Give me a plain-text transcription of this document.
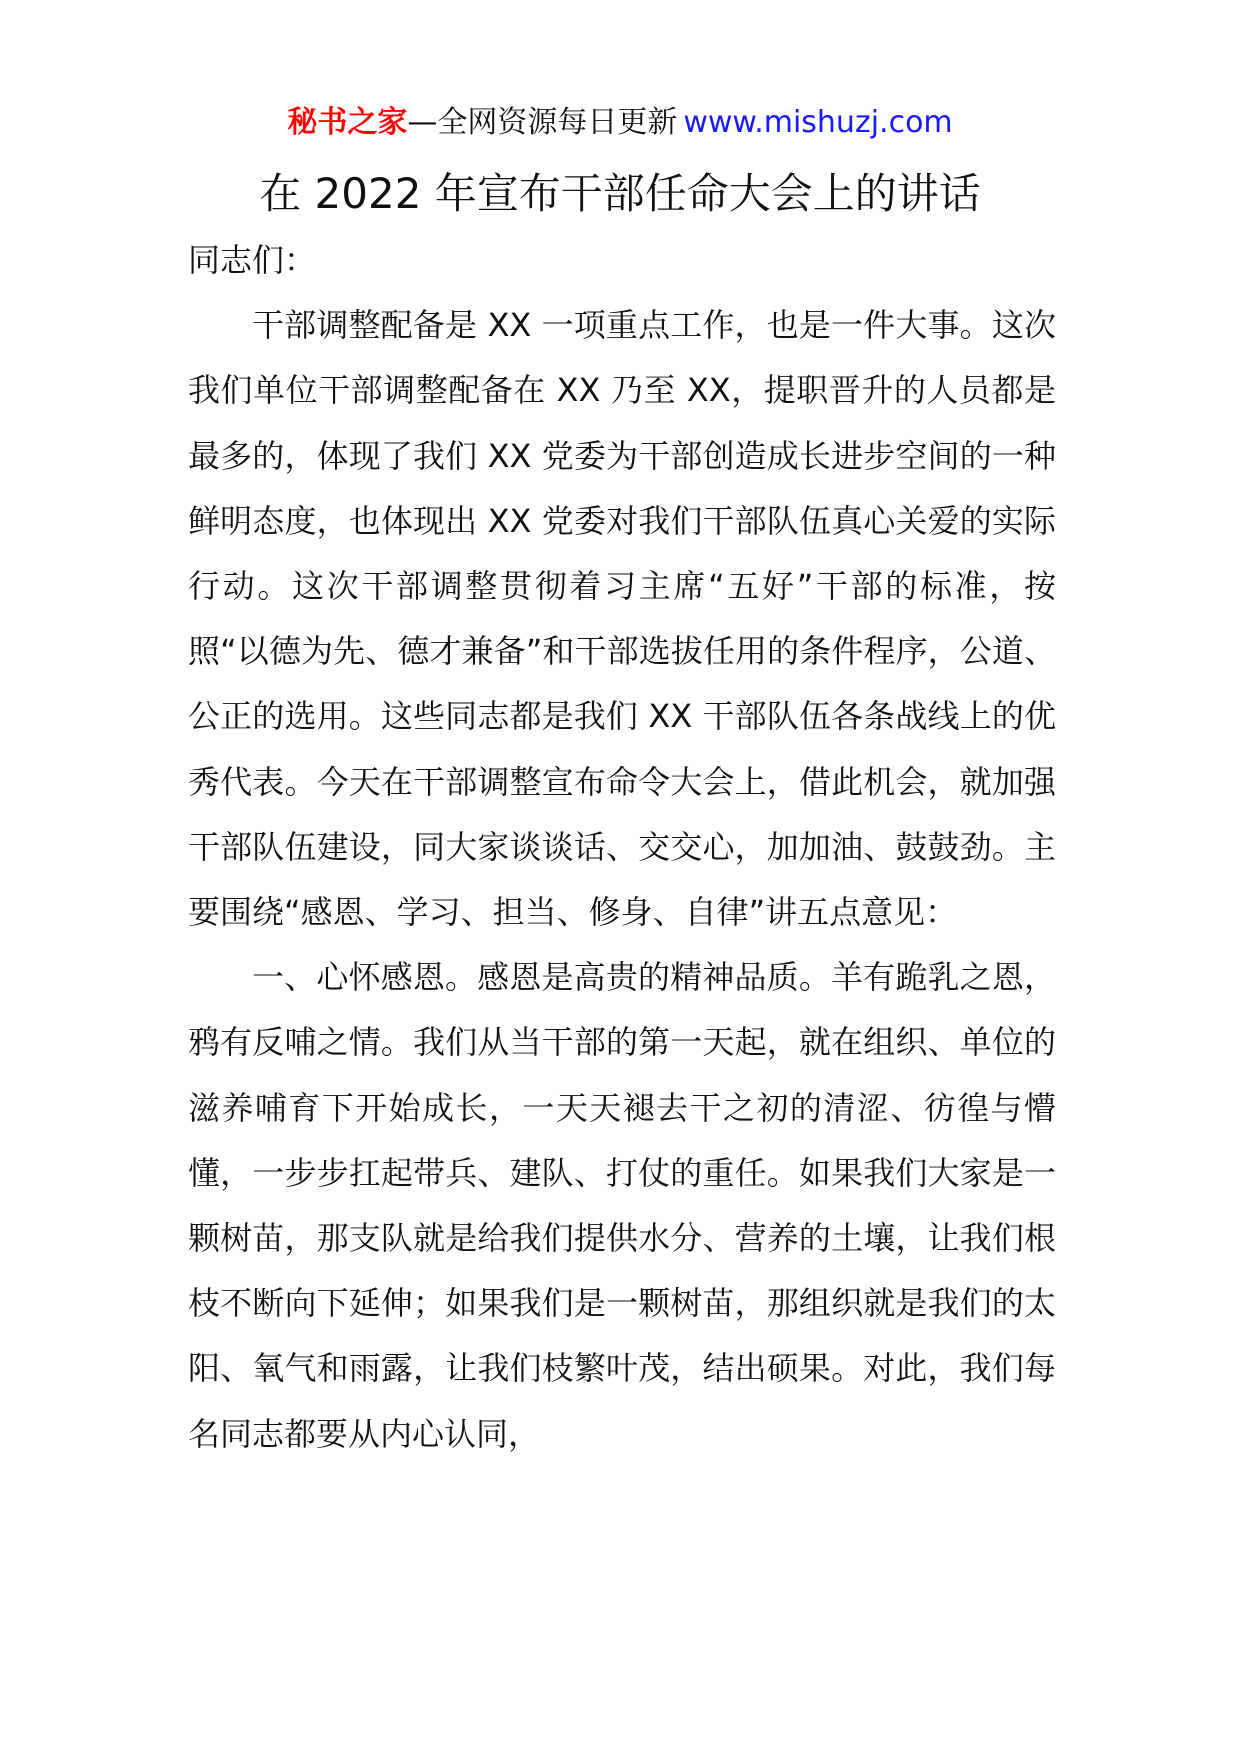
秘书之家—全网资源每日更新 www.mishuzj.com
在 2022 年宣布干部任命大会上的讲话

同志们：

干部调整配备是 XX 一项重点工作，也是一件大事。这次我们单位干部调整配备在 XX 乃至 XX，提职晋升的人员都是最多的，体现了我们 XX 党委为干部创造成长进步空间的一种鲜明态度，也体现出 XX 党委对我们干部队伍真心关爱的实际行动。这次干部调整贯彻着习主席“五好”干部的标准，按照“以德为先、德才兼备”和干部选拔任用的条件程序，公道、公正的选用。这些同志都是我们 XX 干部队伍各条战线上的优秀代表。今天在干部调整宣布命令大会上，借此机会，就加强干部队伍建设，同大家谈谈话、交交心，加加油、鼓鼓劲。主要围绕“感恩、学习、担当、修身、自律”讲五点意见：

一、心怀感恩。感恩是高贵的精神品质。羊有跪乳之恩，鸦有反哺之情。我们从当干部的第一天起，就在组织、单位的滋养哺育下开始成长，一天天褪去干之初的清涩、彷徨与懵懂，一步步扛起带兵、建队、打仗的重任。如果我们大家是一颗树苗，那支队就是给我们提供水分、营养的土壤，让我们根枝不断向下延伸；如果我们是一颗树苗，那组织就是我们的太阳、氧气和雨露，让我们枝繁叶茂，结出硕果。对此，我们每名同志都要从内心认同，
